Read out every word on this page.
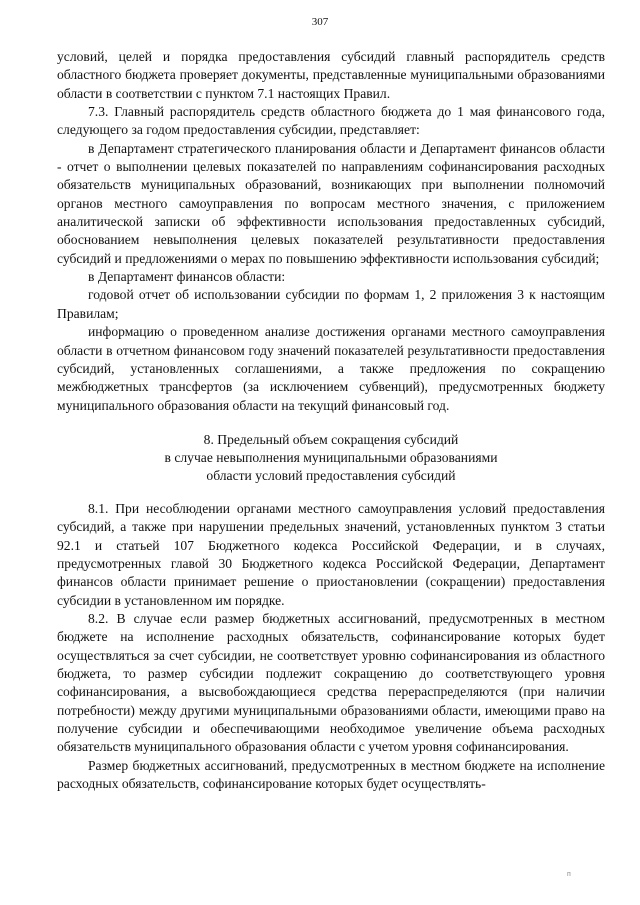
307

условий, целей и порядка предоставления субсидий главный распорядитель средств областного бюджета проверяет документы, представленные муниципальными образованиями области в соответствии с пунктом 7.1 настоящих Правил.

7.3. Главный распорядитель средств областного бюджета до 1 мая финансового года, следующего за годом предоставления субсидии, представляет:

в Департамент стратегического планирования области и Департамент финансов области - отчет о выполнении целевых показателей по направлениям софинансирования расходных обязательств муниципальных образований, возникающих при выполнении полномочий органов местного самоуправления по вопросам местного значения, с приложением аналитической записки об эффективности использования предоставленных субсидий, обоснованием невыполнения целевых показателей результативности предоставления субсидий и предложениями о мерах по повышению эффективности использования субсидий;

в Департамент финансов области:

годовой отчет об использовании субсидии по формам 1, 2 приложения 3 к настоящим Правилам;

информацию о проведенном анализе достижения органами местного самоуправления области в отчетном финансовом году значений показателей результативности предоставления субсидий, установленных соглашениями, а также предложения по сокращению межбюджетных трансфертов (за исключением субвенций), предусмотренных бюджету муниципального образования области на текущий финансовый год.

8. Предельный объем сокращения субсидий
в случае невыполнения муниципальными образованиями
области условий предоставления субсидий

8.1. При несоблюдении органами местного самоуправления условий предоставления субсидий, а также при нарушении предельных значений, установленных пунктом 3 статьи 92.1 и статьей 107 Бюджетного кодекса Российской Федерации, и в случаях, предусмотренных главой 30 Бюджетного кодекса Российской Федерации, Департамент финансов области принимает решение о приостановлении (сокращении) предоставления субсидии в установленном им порядке.

8.2. В случае если размер бюджетных ассигнований, предусмотренных в местном бюджете на исполнение расходных обязательств, софинансирование которых будет осуществляться за счет субсидии, не соответствует уровню софинансирования из областного бюджета, то размер субсидии подлежит сокращению до соответствующего уровня софинансирования, а высвобождающиеся средства перераспределяются (при наличии потребности) между другими муниципальными образованиями области, имеющими право на получение субсидии и обеспечивающими необходимое увеличение объема расходных обязательств муниципального образования области с учетом уровня софинансирования.

Размер бюджетных ассигнований, предусмотренных в местном бюджете на исполнение расходных обязательств, софинансирование которых будет осуществлять-

п
